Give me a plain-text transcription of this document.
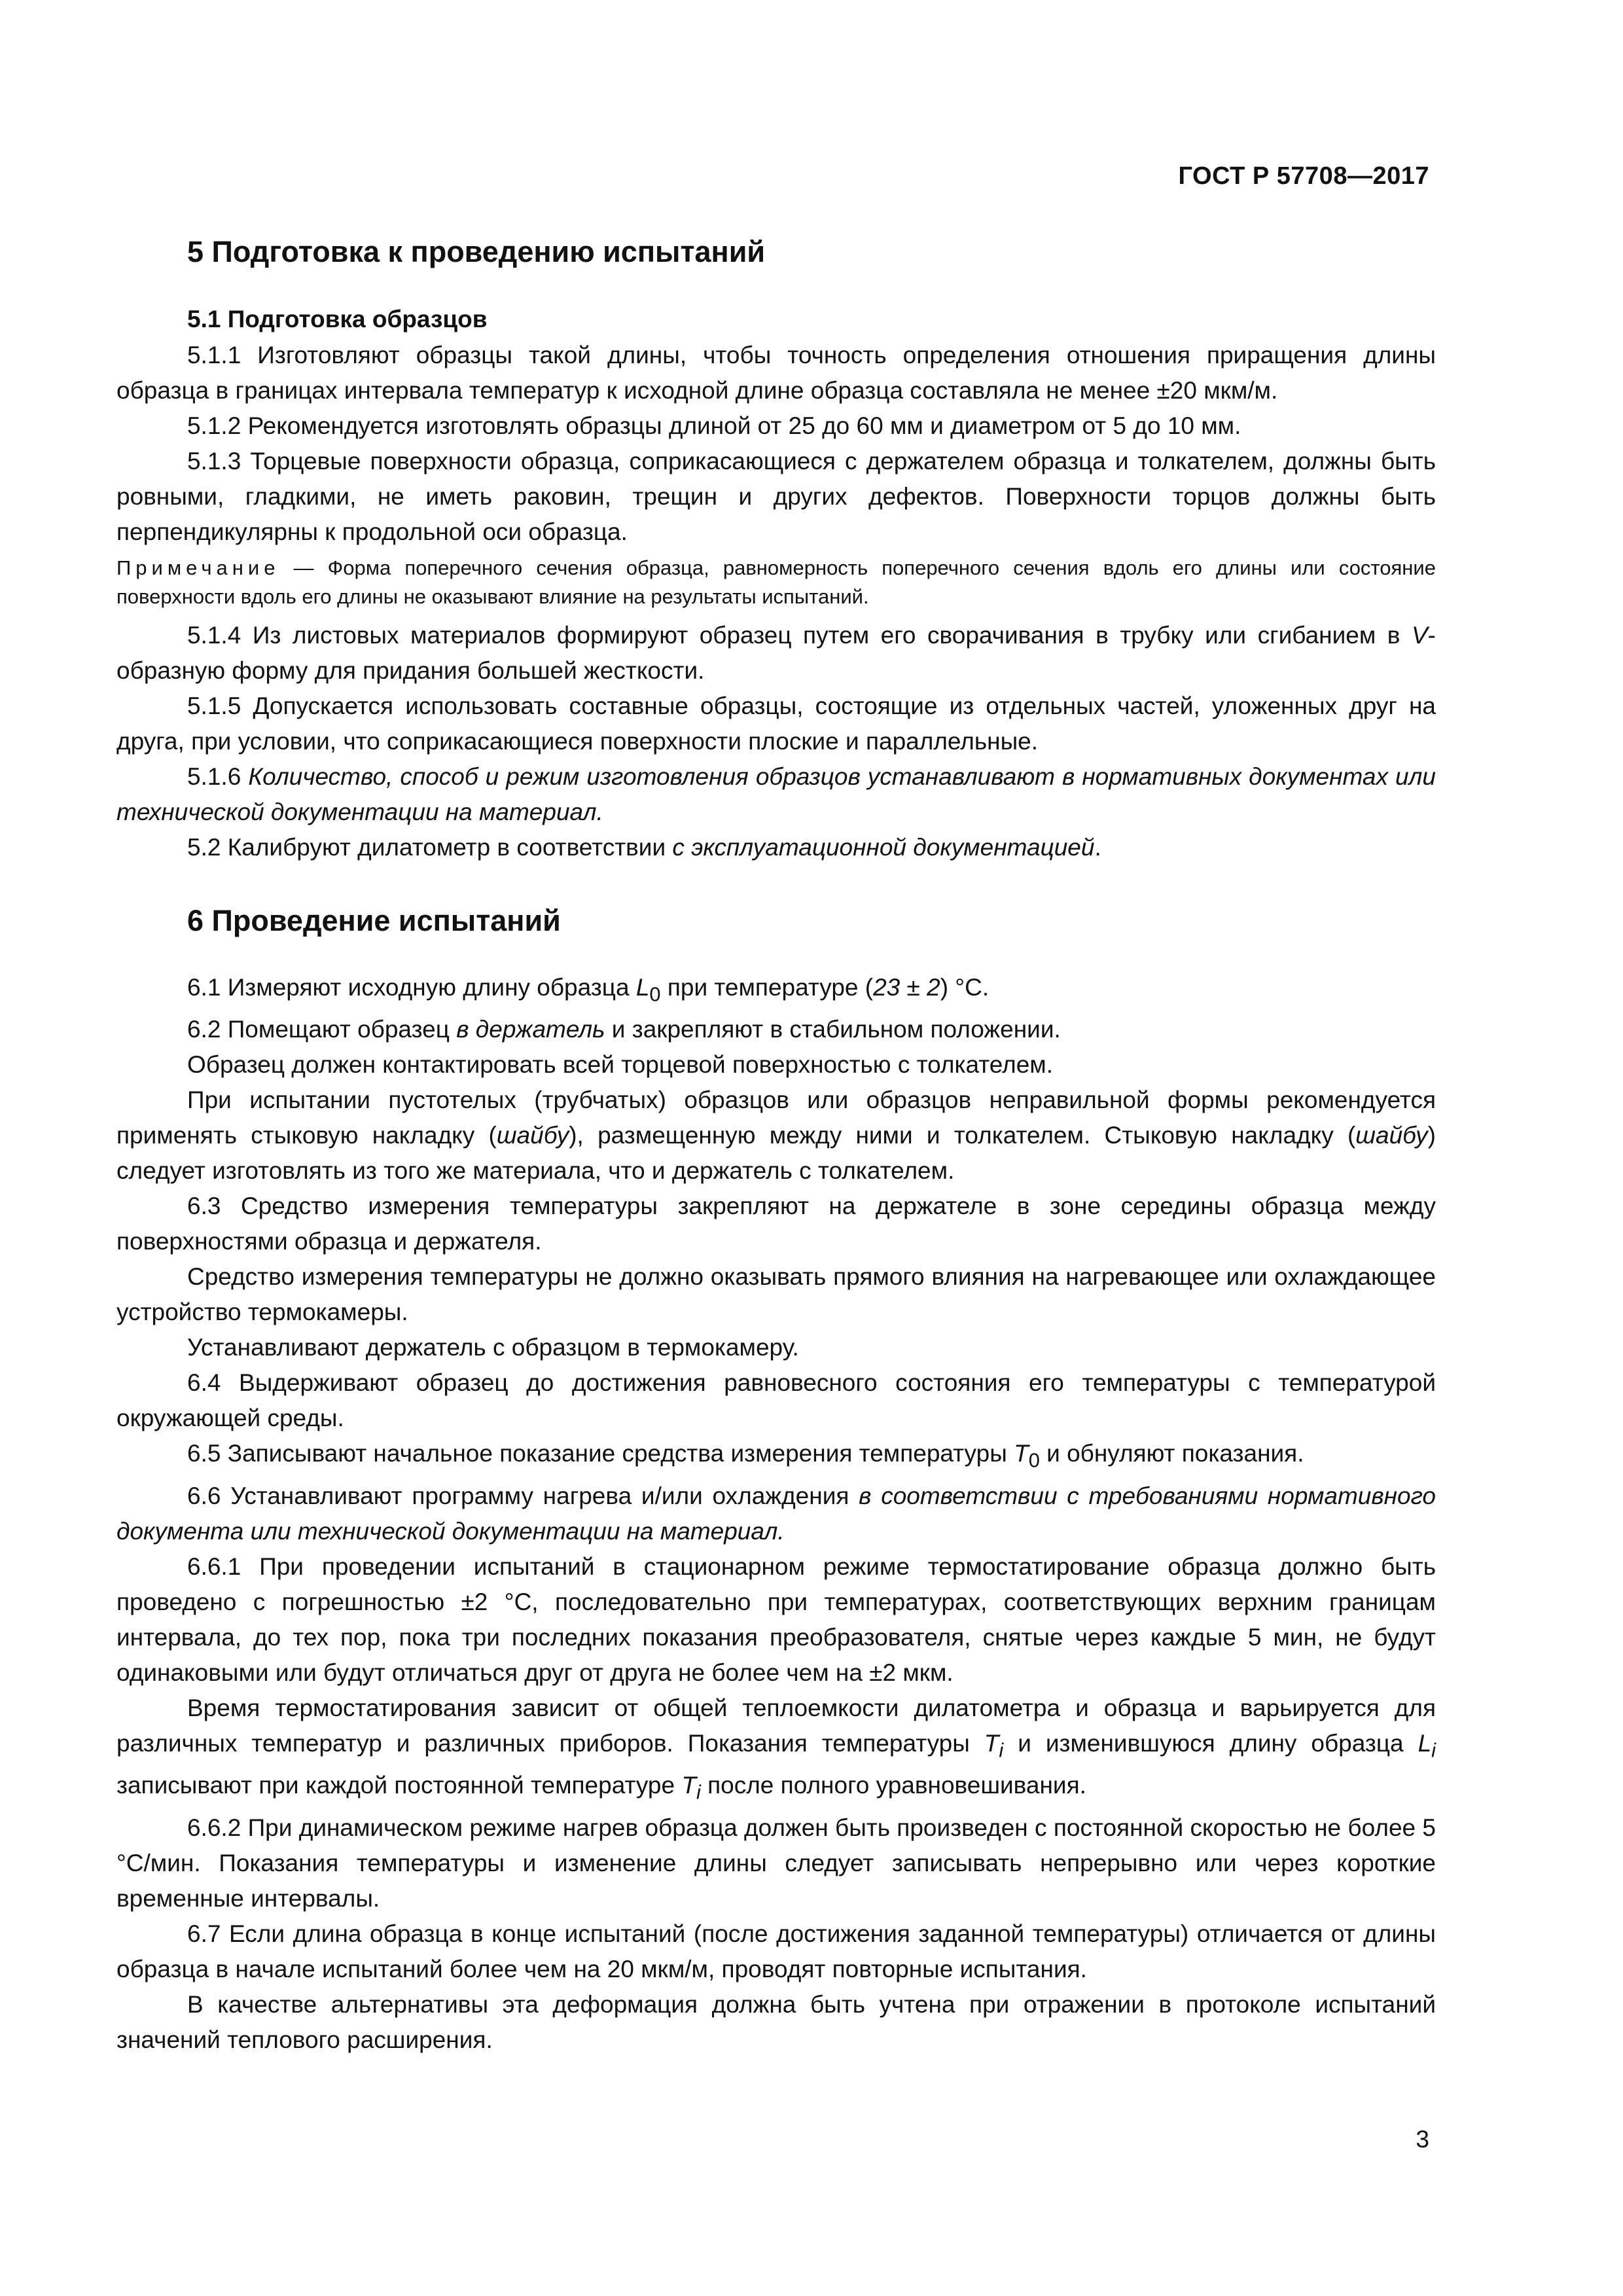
ГОСТ Р 57708—2017
5 Подготовка к проведению испытаний
5.1 Подготовка образцов

5.1.1 Изготовляют образцы такой длины, чтобы точность определения отношения приращения длины образца в границах интервала температур к исходной длине образца составляла не менее ±20 мкм/м.

5.1.2 Рекомендуется изготовлять образцы длиной от 25 до 60 мм и диаметром от 5 до 10 мм.

5.1.3 Торцевые поверхности образца, соприкасающиеся с держателем образца и толкателем, должны быть ровными, гладкими, не иметь раковин, трещин и других дефектов. Поверхности торцов должны быть перпендикулярны к продольной оси образца.

Примечание — Форма поперечного сечения образца, равномерность поперечного сечения вдоль его длины или состояние поверхности вдоль его длины не оказывают влияние на результаты испытаний.

5.1.4 Из листовых материалов формируют образец путем его сворачивания в трубку или сгибанием в V-образную форму для придания большей жесткости.

5.1.5 Допускается использовать составные образцы, состоящие из отдельных частей, уложенных друг на друга, при условии, что соприкасающиеся поверхности плоские и параллельные.

5.1.6 Количество, способ и режим изготовления образцов устанавливают в нормативных документах или технической документации на материал.

5.2 Калибруют дилатометр в соответствии с эксплуатационной документацией.

6 Проведение испытаний

6.1 Измеряют исходную длину образца $L_0$ при температуре (23 ± 2) °С.

6.2 Помещают образец в держатель и закрепляют в стабильном положении.

Образец должен контактировать всей торцевой поверхностью с толкателем.

При испытании пустотелых (трубчатых) образцов или образцов неправильной формы рекомендуется применять стыковую накладку (шайбу), размещенную между ними и толкателем. Стыковую накладку (шайбу) следует изготовлять из того же материала, что и держатель с толкателем.

6.3 Средство измерения температуры закрепляют на держателе в зоне середины образца между поверхностями образца и держателя.

Средство измерения температуры не должно оказывать прямого влияния на нагревающее или охлаждающее устройство термокамеры.

Устанавливают держатель с образцом в термокамеру.

6.4 Выдерживают образец до достижения равновесного состояния его температуры с температурой окружающей среды.

6.5 Записывают начальное показание средства измерения температуры $T_0$ и обнуляют показания.

6.6 Устанавливают программу нагрева и/или охлаждения в соответствии с требованиями нормативного документа или технической документации на материал.

6.6.1 При проведении испытаний в стационарном режиме термостатирование образца должно быть проведено с погрешностью ±2 °С, последовательно при температурах, соответствующих верхним границам интервала, до тех пор, пока три последних показания преобразователя, снятые через каждые 5 мин, не будут одинаковыми или будут отличаться друг от друга не более чем на ±2 мкм.

Время термостатирования зависит от общей теплоемкости дилатометра и образца и варьируется для различных температур и различных приборов. Показания температуры $T_i$ и изменившуюся длину образца $L_i$ записывают при каждой постоянной температуре $T_i$ после полного уравновешивания.

6.6.2 При динамическом режиме нагрев образца должен быть произведен с постоянной скоростью не более 5 °С/мин. Показания температуры и изменение длины следует записывать непрерывно или через короткие временные интервалы.

6.7 Если длина образца в конце испытаний (после достижения заданной температуры) отличается от длины образца в начале испытаний более чем на 20 мкм/м, проводят повторные испытания.

В качестве альтернативы эта деформация должна быть учтена при отражении в протоколе испытаний значений теплового расширения.

3
